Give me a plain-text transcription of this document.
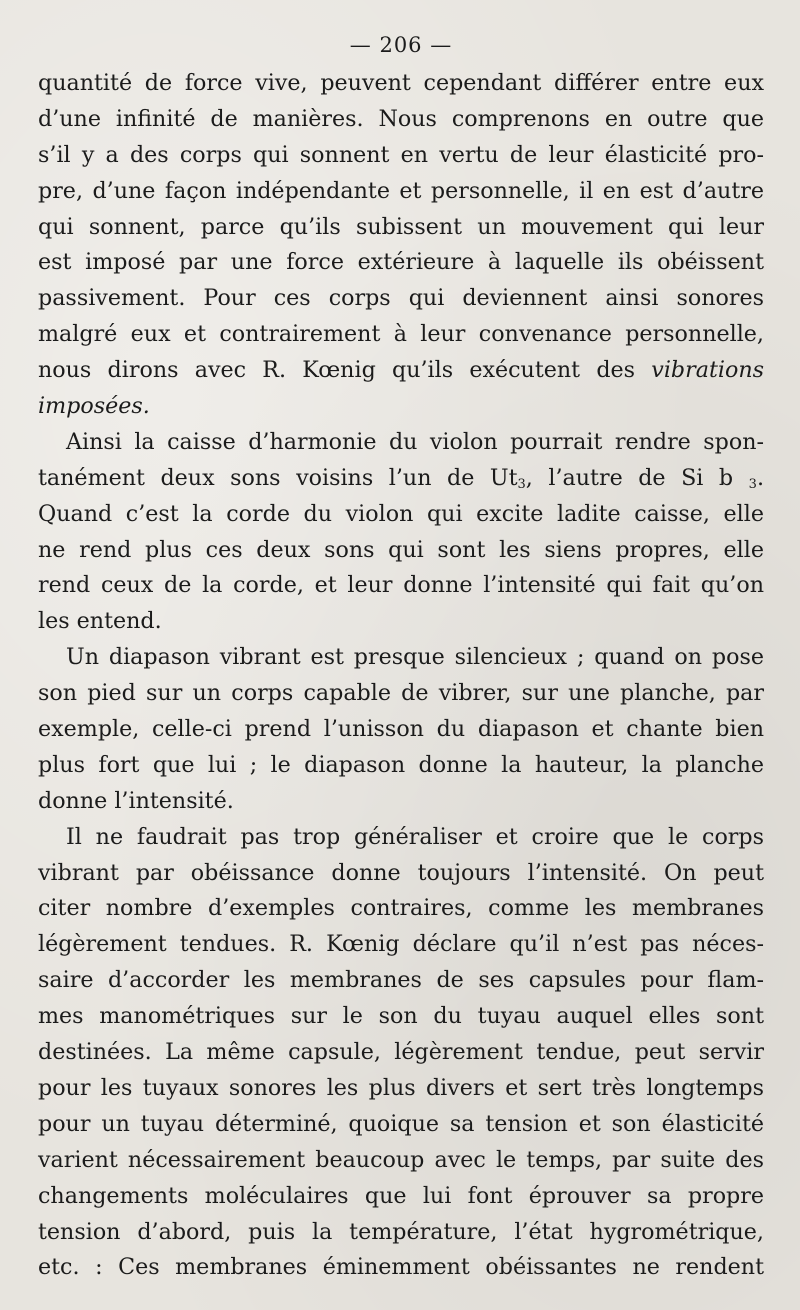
— 206 —
quantité de force vive, peuvent cependant différer entre eux
d’une infinité de manières. Nous comprenons en outre que
s’il y a des corps qui sonnent en vertu de leur élasticité pro-
pre, d’une façon indépendante et personnelle, il en est d’autre
qui sonnent, parce qu’ils subissent un mouvement qui leur
est imposé par une force extérieure à laquelle ils obéissent
passivement. Pour ces corps qui deviennent ainsi sonores
malgré eux et contrairement à leur convenance personnelle,
nous dirons avec R. Kœnig qu’ils exécutent des vibrations
imposées.
Ainsi la caisse d’harmonie du violon pourrait rendre spon-
tanément deux sons voisins l’un de $Ut_3$, l’autre de Si b $_3$.
Quand c’est la corde du violon qui excite ladite caisse, elle
ne rend plus ces deux sons qui sont les siens propres, elle
rend ceux de la corde, et leur donne l’intensité qui fait qu’on
les entend.
Un diapason vibrant est presque silencieux ; quand on pose
son pied sur un corps capable de vibrer, sur une planche, par
exemple, celle-ci prend l’unisson du diapason et chante bien
plus fort que lui ; le diapason donne la hauteur, la planche
donne l’intensité.
Il ne faudrait pas trop généraliser et croire que le corps
vibrant par obéissance donne toujours l’intensité. On peut
citer nombre d’exemples contraires, comme les membranes
légèrement tendues. R. Kœnig déclare qu’il n’est pas néces-
saire d’accorder les membranes de ses capsules pour flam-
mes manométriques sur le son du tuyau auquel elles sont
destinées. La même capsule, légèrement tendue, peut servir
pour les tuyaux sonores les plus divers et sert très longtemps
pour un tuyau déterminé, quoique sa tension et son élasticité
varient nécessairement beaucoup avec le temps, par suite des
changements moléculaires que lui font éprouver sa propre
tension d’abord, puis la température, l’état hygrométrique,
etc. : Ces membranes éminemment obéissantes ne rendent
